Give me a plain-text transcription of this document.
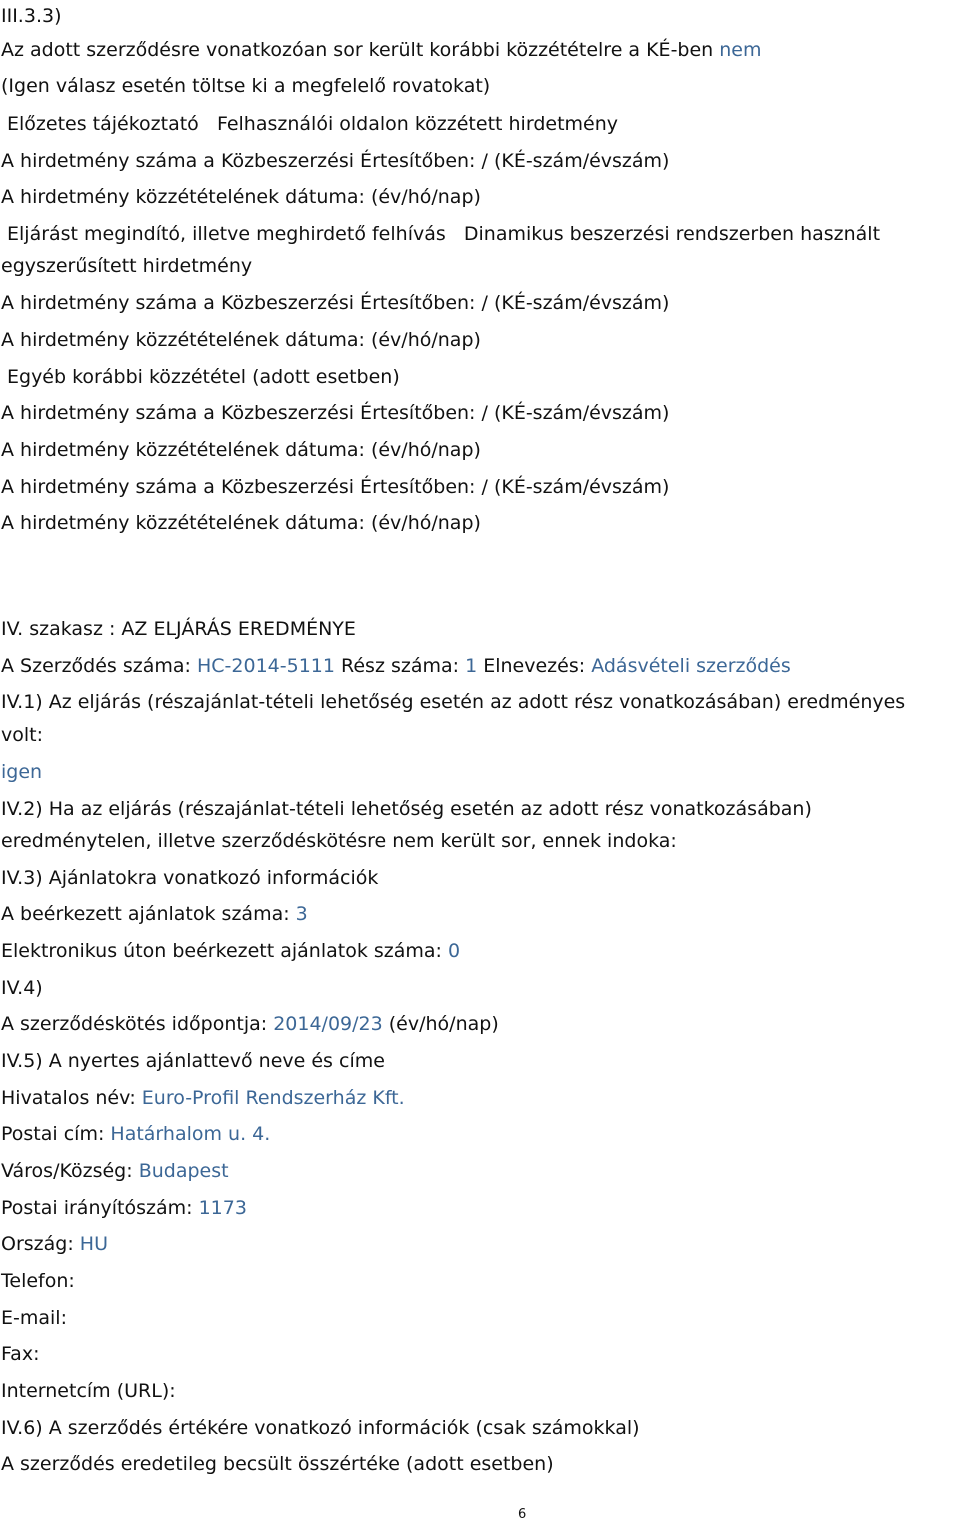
III.3.3)
Az adott szerződésre vonatkozóan sor került korábbi közzétételre a KÉ-ben nem
(Igen válasz esetén töltse ki a megfelelő rovatokat)
Előzetes tájékoztató Felhasználói oldalon közzétett hirdetmény
A hirdetmény száma a Közbeszerzési Értesítőben: / (KÉ-szám/évszám)
A hirdetmény közzétételének dátuma: (év/hó/nap)
Eljárást megindító, illetve meghirdető felhívás Dinamikus beszerzési rendszerben használt
egyszerűsített hirdetmény
A hirdetmény száma a Közbeszerzési Értesítőben: / (KÉ-szám/évszám)
A hirdetmény közzétételének dátuma: (év/hó/nap)
Egyéb korábbi közzététel (adott esetben)
A hirdetmény száma a Közbeszerzési Értesítőben: / (KÉ-szám/évszám)
A hirdetmény közzétételének dátuma: (év/hó/nap)
A hirdetmény száma a Közbeszerzési Értesítőben: / (KÉ-szám/évszám)
A hirdetmény közzétételének dátuma: (év/hó/nap)
IV. szakasz : AZ ELJÁRÁS EREDMÉNYE
A Szerződés száma: HC-2014-5111 Rész száma: 1 Elnevezés: Adásvételi szerződés
IV.1) Az eljárás (részajánlat-tételi lehetőség esetén az adott rész vonatkozásában) eredményes
volt:
igen
IV.2) Ha az eljárás (részajánlat-tételi lehetőség esetén az adott rész vonatkozásában)
eredménytelen, illetve szerződéskötésre nem került sor, ennek indoka:
IV.3) Ajánlatokra vonatkozó információk
A beérkezett ajánlatok száma: 3
Elektronikus úton beérkezett ajánlatok száma: 0
IV.4)
A szerződéskötés időpontja: 2014/09/23 (év/hó/nap)
IV.5) A nyertes ajánlattevő neve és címe
Hivatalos név: Euro-Profil Rendszerház Kft.
Postai cím: Határhalom u. 4.
Város/Község: Budapest
Postai irányítószám: 1173
Ország: HU
Telefon:
E-mail:
Fax:
Internetcím (URL):
IV.6) A szerződés értékére vonatkozó információk (csak számokkal)
A szerződés eredetileg becsült összértéke (adott esetben)
6
